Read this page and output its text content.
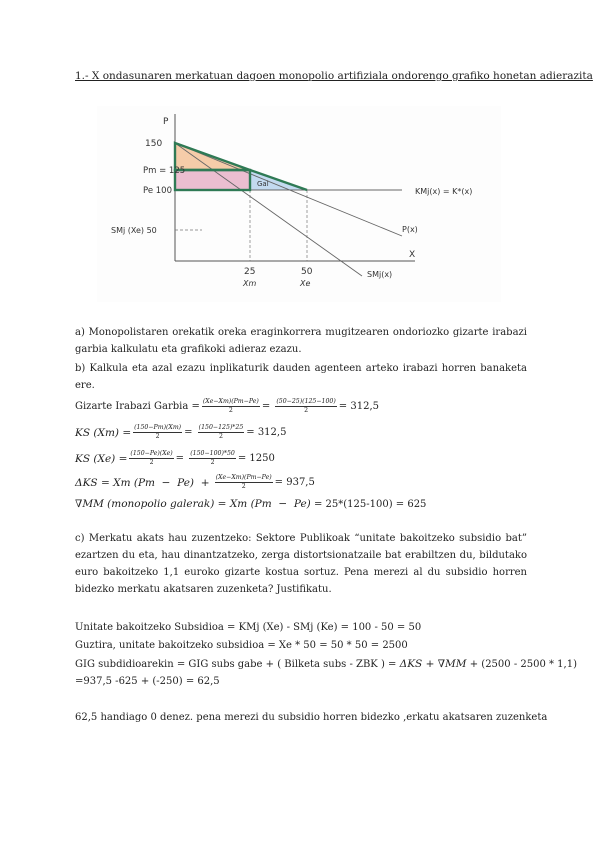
1.- X ondasunaren merkatuan dagoen monopolio artifiziala ondorengo grafiko honetan adierazita
P
X
150
Pm = 125
Pe 100
SMj (Xe) 50
25	50
Xm	Xe
Gal
KMj(x) = K*(x)
P(x)
SMj(x)
a) Monopolistaren orekatik oreka eraginkorrera mugitzearen ondoriozko gizarte irabazi garbia kalkulatu eta grafikoki adieraz ezazu.
b) Kalkula eta azal ezazu inplikaturik dauden agenteen arteko irabazi horren banaketa ere.
Gizarte Irabazi Garbia = $\frac{(Xe-Xm)(Pm-Pe)}{2} = \frac{(50-25)(125-100)}{2} = 312,5$
KS $(Xm) = \frac{(150-Pm)(Xm)}{2} = \frac{(150-125)*25}{2} = 312,5$
KS $(Xe) = \frac{(150-Pe)(Xe)}{2} = \frac{(150-100)*50}{2} = 1250$
ΔKS = Xm (Pm  −  Pe)  +
$\frac{(Xe-Xm)(Pm-Pe)}{2} = 937,5$
∇MM (monopolio galerak) = Xm (Pm  −  Pe)
= 25*(125-100) = 625
c) Merkatu akats hau zuzentzeko: Sektore Publikoak “unitate bakoitzeko subsidio bat” ezartzen du eta, hau dinantzatzeko, zerga distortsionatzaile bat erabiltzen du, bildutako euro bakoitzeko 1,1 euroko gizarte kostua sortuz. Pena merezi al du subsidio horren bidezko merkatu akatsaren zuzenketa? Justifikatu.
Unitate bakoitzeko Subsidioa = KMj (Xe) - SMj (Ke) = 100 - 50 = 50
Guztira, unitate bakoitzeko subsidioa = Xe * 50 = 50 * 50 = 2500
GIG subdidioarekin = GIG subs gabe + ( Bilketa subs - ZBK ) =
ΔKS + ∇MM
+ (2500 - 2500 * 1,1)
=937,5 -625 + (-250) = 62,5
62,5 handiago 0 denez. pena merezi du subsidio horren bidezko ,erkatu akatsaren zuzenketa
